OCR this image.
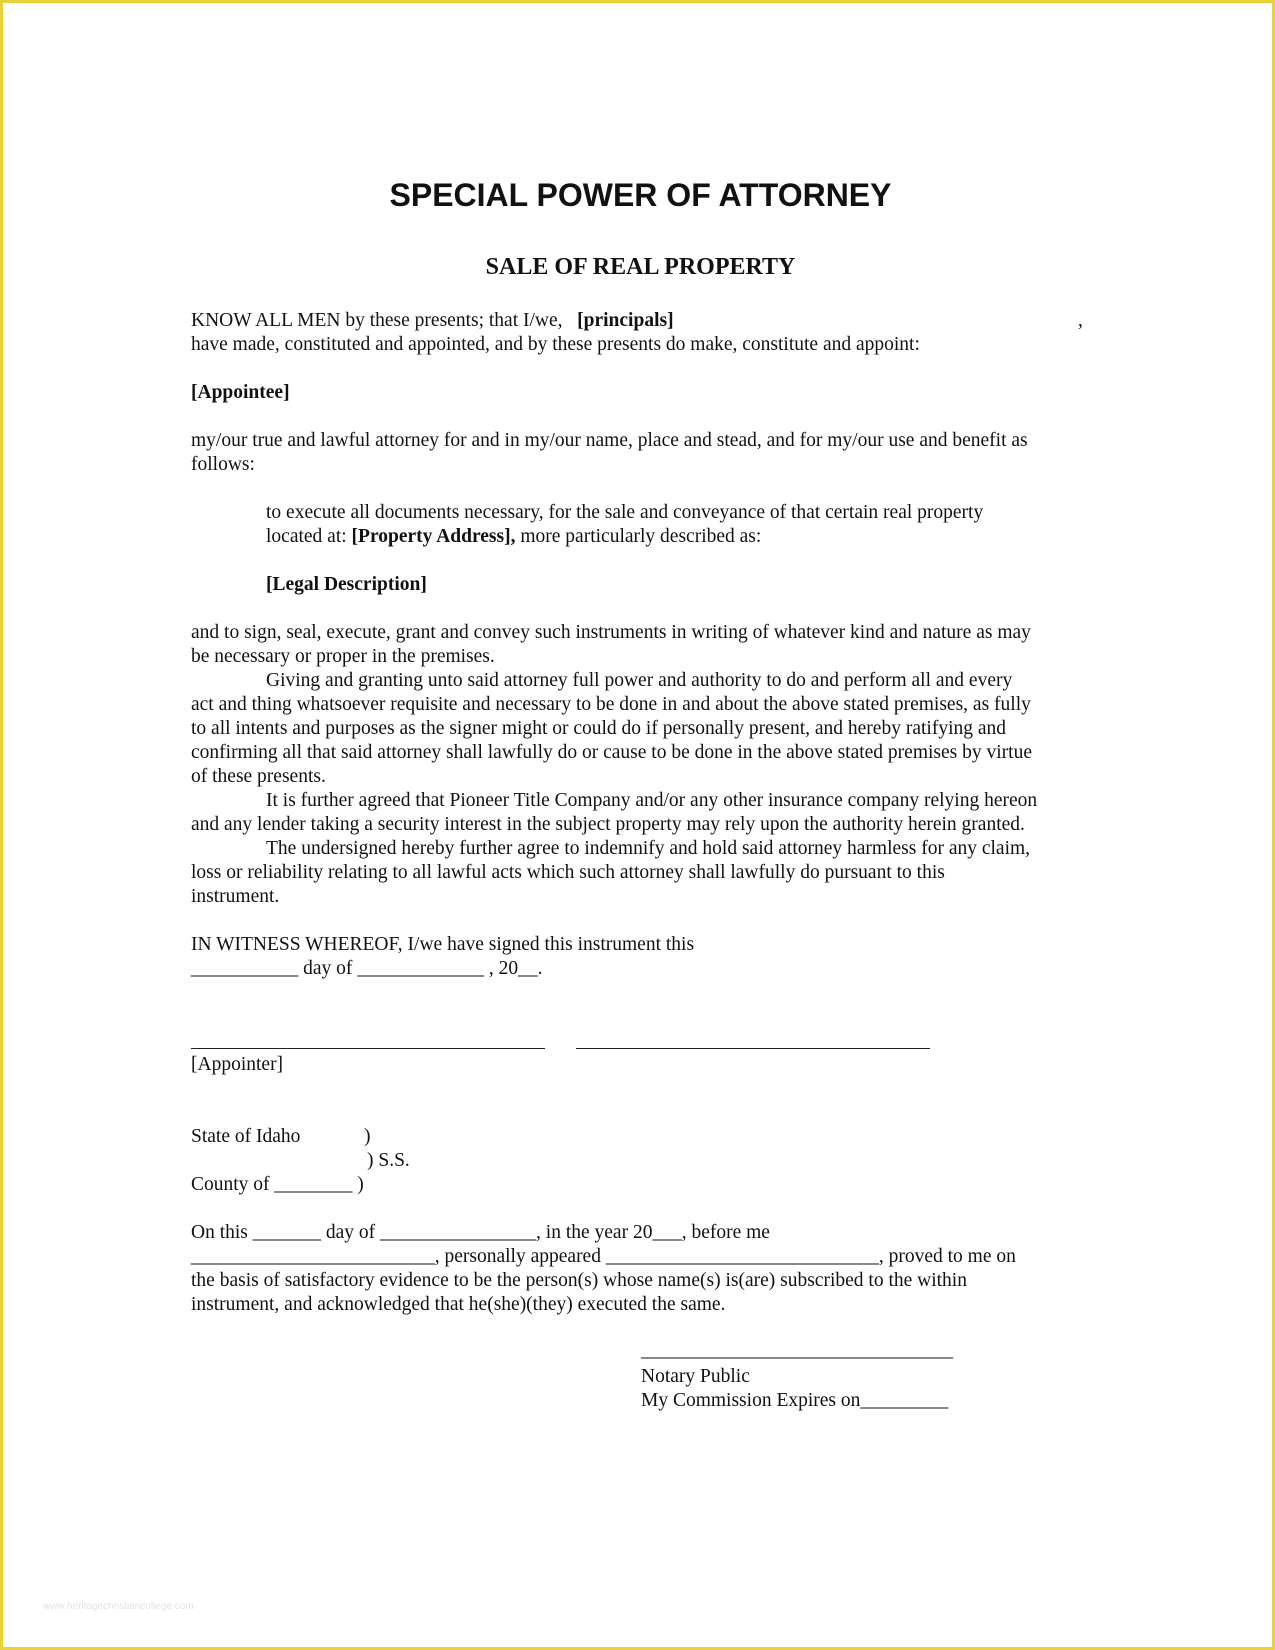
SPECIAL POWER OF ATTORNEY
SALE OF REAL PROPERTY
KNOW ALL MEN by these presents; that I/we, [principals]	,
have made, constituted and appointed, and by these presents do make, constitute and appoint:
[Appointee]
my/our true and lawful attorney for and in my/our name, place and stead, and for my/our use and benefit as
follows:
to execute all documents necessary, for the sale and conveyance of that certain real property
located at: [Property Address], more particularly described as:
[Legal Description]
and to sign, seal, execute, grant and convey such instruments in writing of whatever kind and nature as may
be necessary or proper in the premises.
Giving and granting unto said attorney full power and authority to do and perform all and every
act and thing whatsoever requisite and necessary to be done in and about the above stated premises, as fully
to all intents and purposes as the signer might or could do if personally present, and hereby ratifying and
confirming all that said attorney shall lawfully do or cause to be done in the above stated premises by virtue
of these presents.
It is further agreed that Pioneer Title Company and/or any other insurance company relying hereon
and any lender taking a security interest in the subject property may rely upon the authority herein granted.
The undersigned hereby further agree to indemnify and hold said attorney harmless for any claim,
loss or reliability relating to all lawful acts which such attorney shall lawfully do pursuant to this
instrument.
IN WITNESS WHEREOF, I/we have signed this instrument this
___________ day of _____________ , 20__.
[Appointer]
State of Idaho	)
) S.S.
County of ________ )
On this _______ day of ________________, in the year 20___, before me
_________________________, personally appeared ____________________________, proved to me on
the basis of satisfactory evidence to be the person(s) whose name(s) is(are) subscribed to the within
instrument, and acknowledged that he(she)(they) executed the same.
________________________________
Notary Public
My Commission Expires on_________
www.heritagechristiancollege.com
